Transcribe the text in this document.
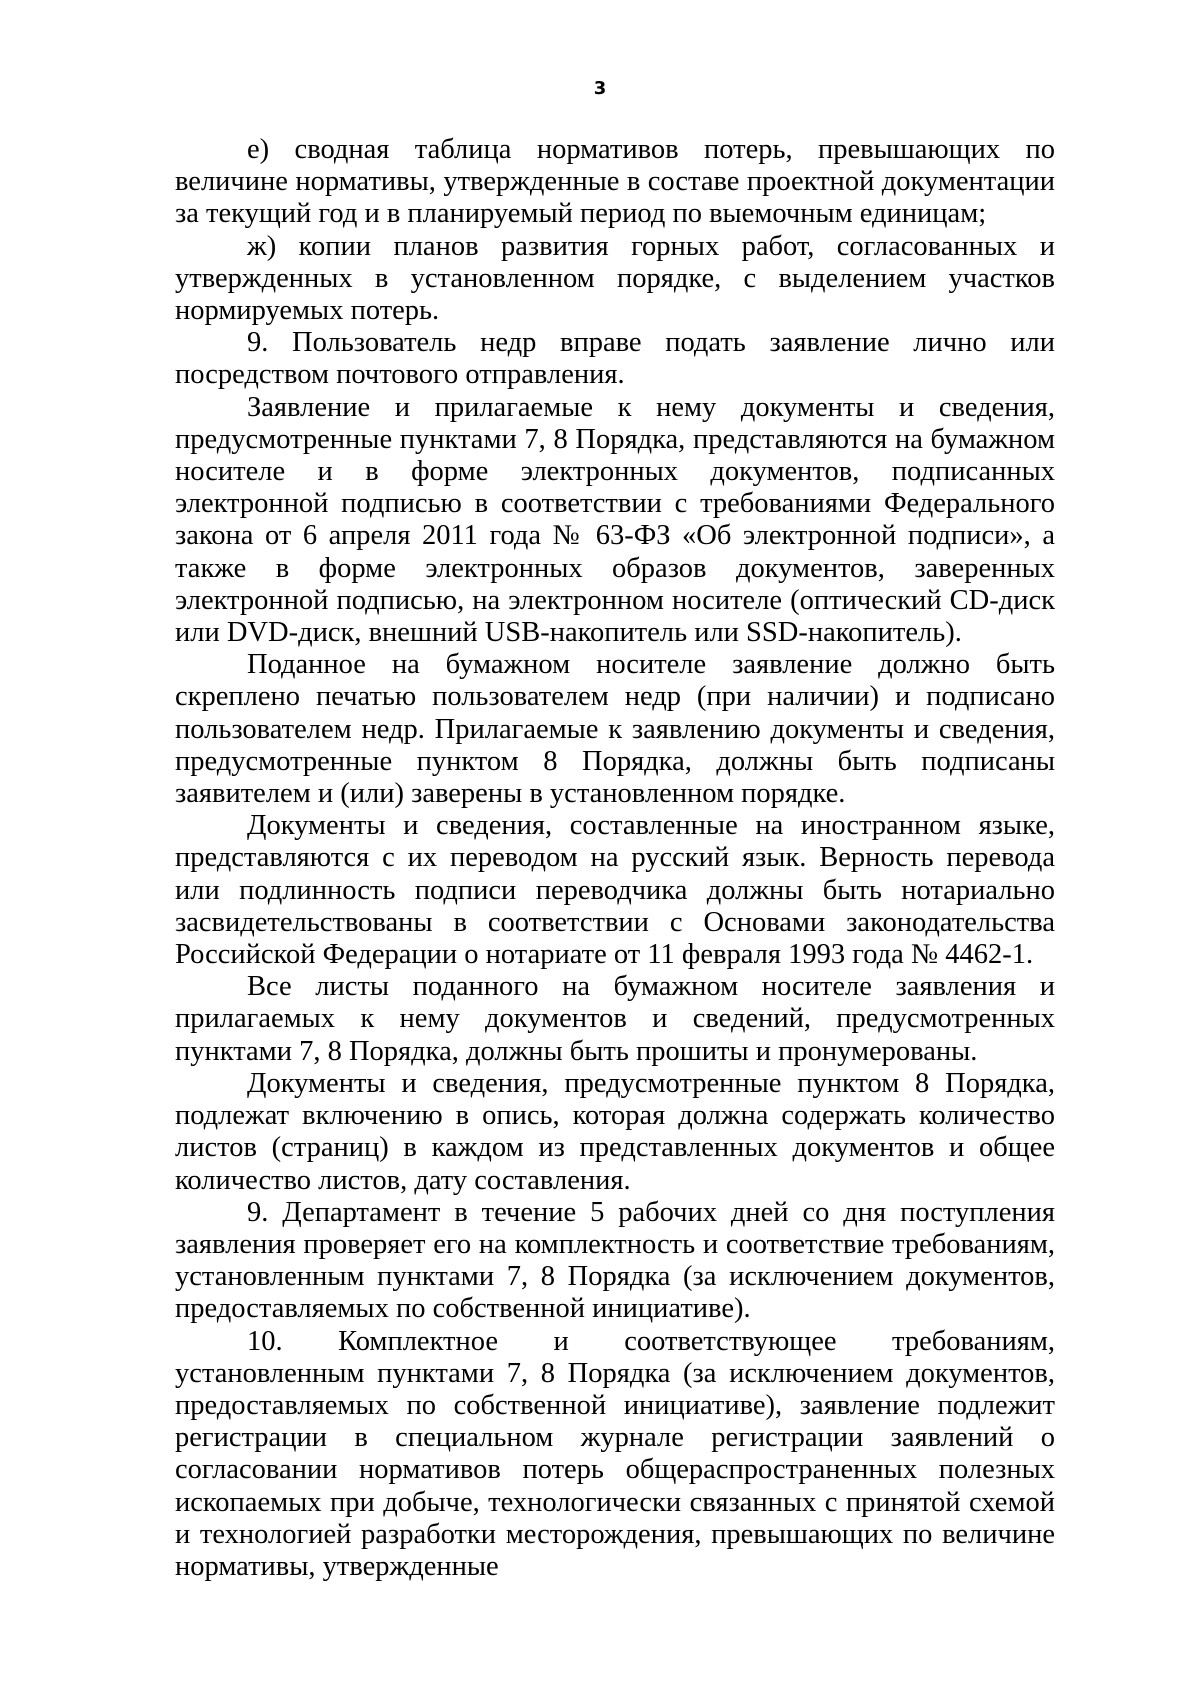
3

е) сводная таблица нормативов потерь, превышающих по величине нормативы, утвержденные в составе проектной документации за текущий год и в планируемый период по выемочным единицам;

ж) копии планов развития горных работ, согласованных и утвержденных в установленном порядке, с выделением участков нормируемых потерь.

9. Пользователь недр вправе подать заявление лично или посредством почтового отправления.

Заявление и прилагаемые к нему документы и сведения, предусмотренные пунктами 7, 8 Порядка, представляются на бумажном носителе и в форме электронных документов, подписанных электронной подписью в соответствии с требованиями Федерального закона от 6 апреля 2011 года № 63-ФЗ «Об электронной подписи», а также в форме электронных образов документов, заверенных электронной подписью, на электронном носителе (оптический CD-диск или DVD-диск, внешний USB-накопитель или SSD-накопитель).

Поданное на бумажном носителе заявление должно быть скреплено печатью пользователем недр (при наличии) и подписано пользователем недр. Прилагаемые к заявлению документы и сведения, предусмотренные пунктом 8 Порядка, должны быть подписаны заявителем и (или) заверены в установленном порядке.

Документы и сведения, составленные на иностранном языке, представляются с их переводом на русский язык. Верность перевода или подлинность подписи переводчика должны быть нотариально засвидетельствованы в соответствии с Основами законодательства Российской Федерации о нотариате от 11 февраля 1993 года № 4462-1.

Все листы поданного на бумажном носителе заявления и прилагаемых к нему документов и сведений, предусмотренных пунктами 7, 8 Порядка, должны быть прошиты и пронумерованы.

Документы и сведения, предусмотренные пунктом 8 Порядка, подлежат включению в опись, которая должна содержать количество листов (страниц) в каждом из представленных документов и общее количество листов, дату составления.

9. Департамент в течение 5 рабочих дней со дня поступления заявления проверяет его на комплектность и соответствие требованиям, установленным пунктами 7, 8 Порядка (за исключением документов, предоставляемых по собственной инициативе).

10. Комплектное и соответствующее требованиям, установленным пунктами 7, 8 Порядка (за исключением документов, предоставляемых по собственной инициативе), заявление подлежит регистрации в специальном журнале регистрации заявлений о согласовании нормативов потерь общераспространенных полезных ископаемых при добыче, технологически связанных с принятой схемой и технологией разработки месторождения, превышающих по величине нормативы, утвержденные
